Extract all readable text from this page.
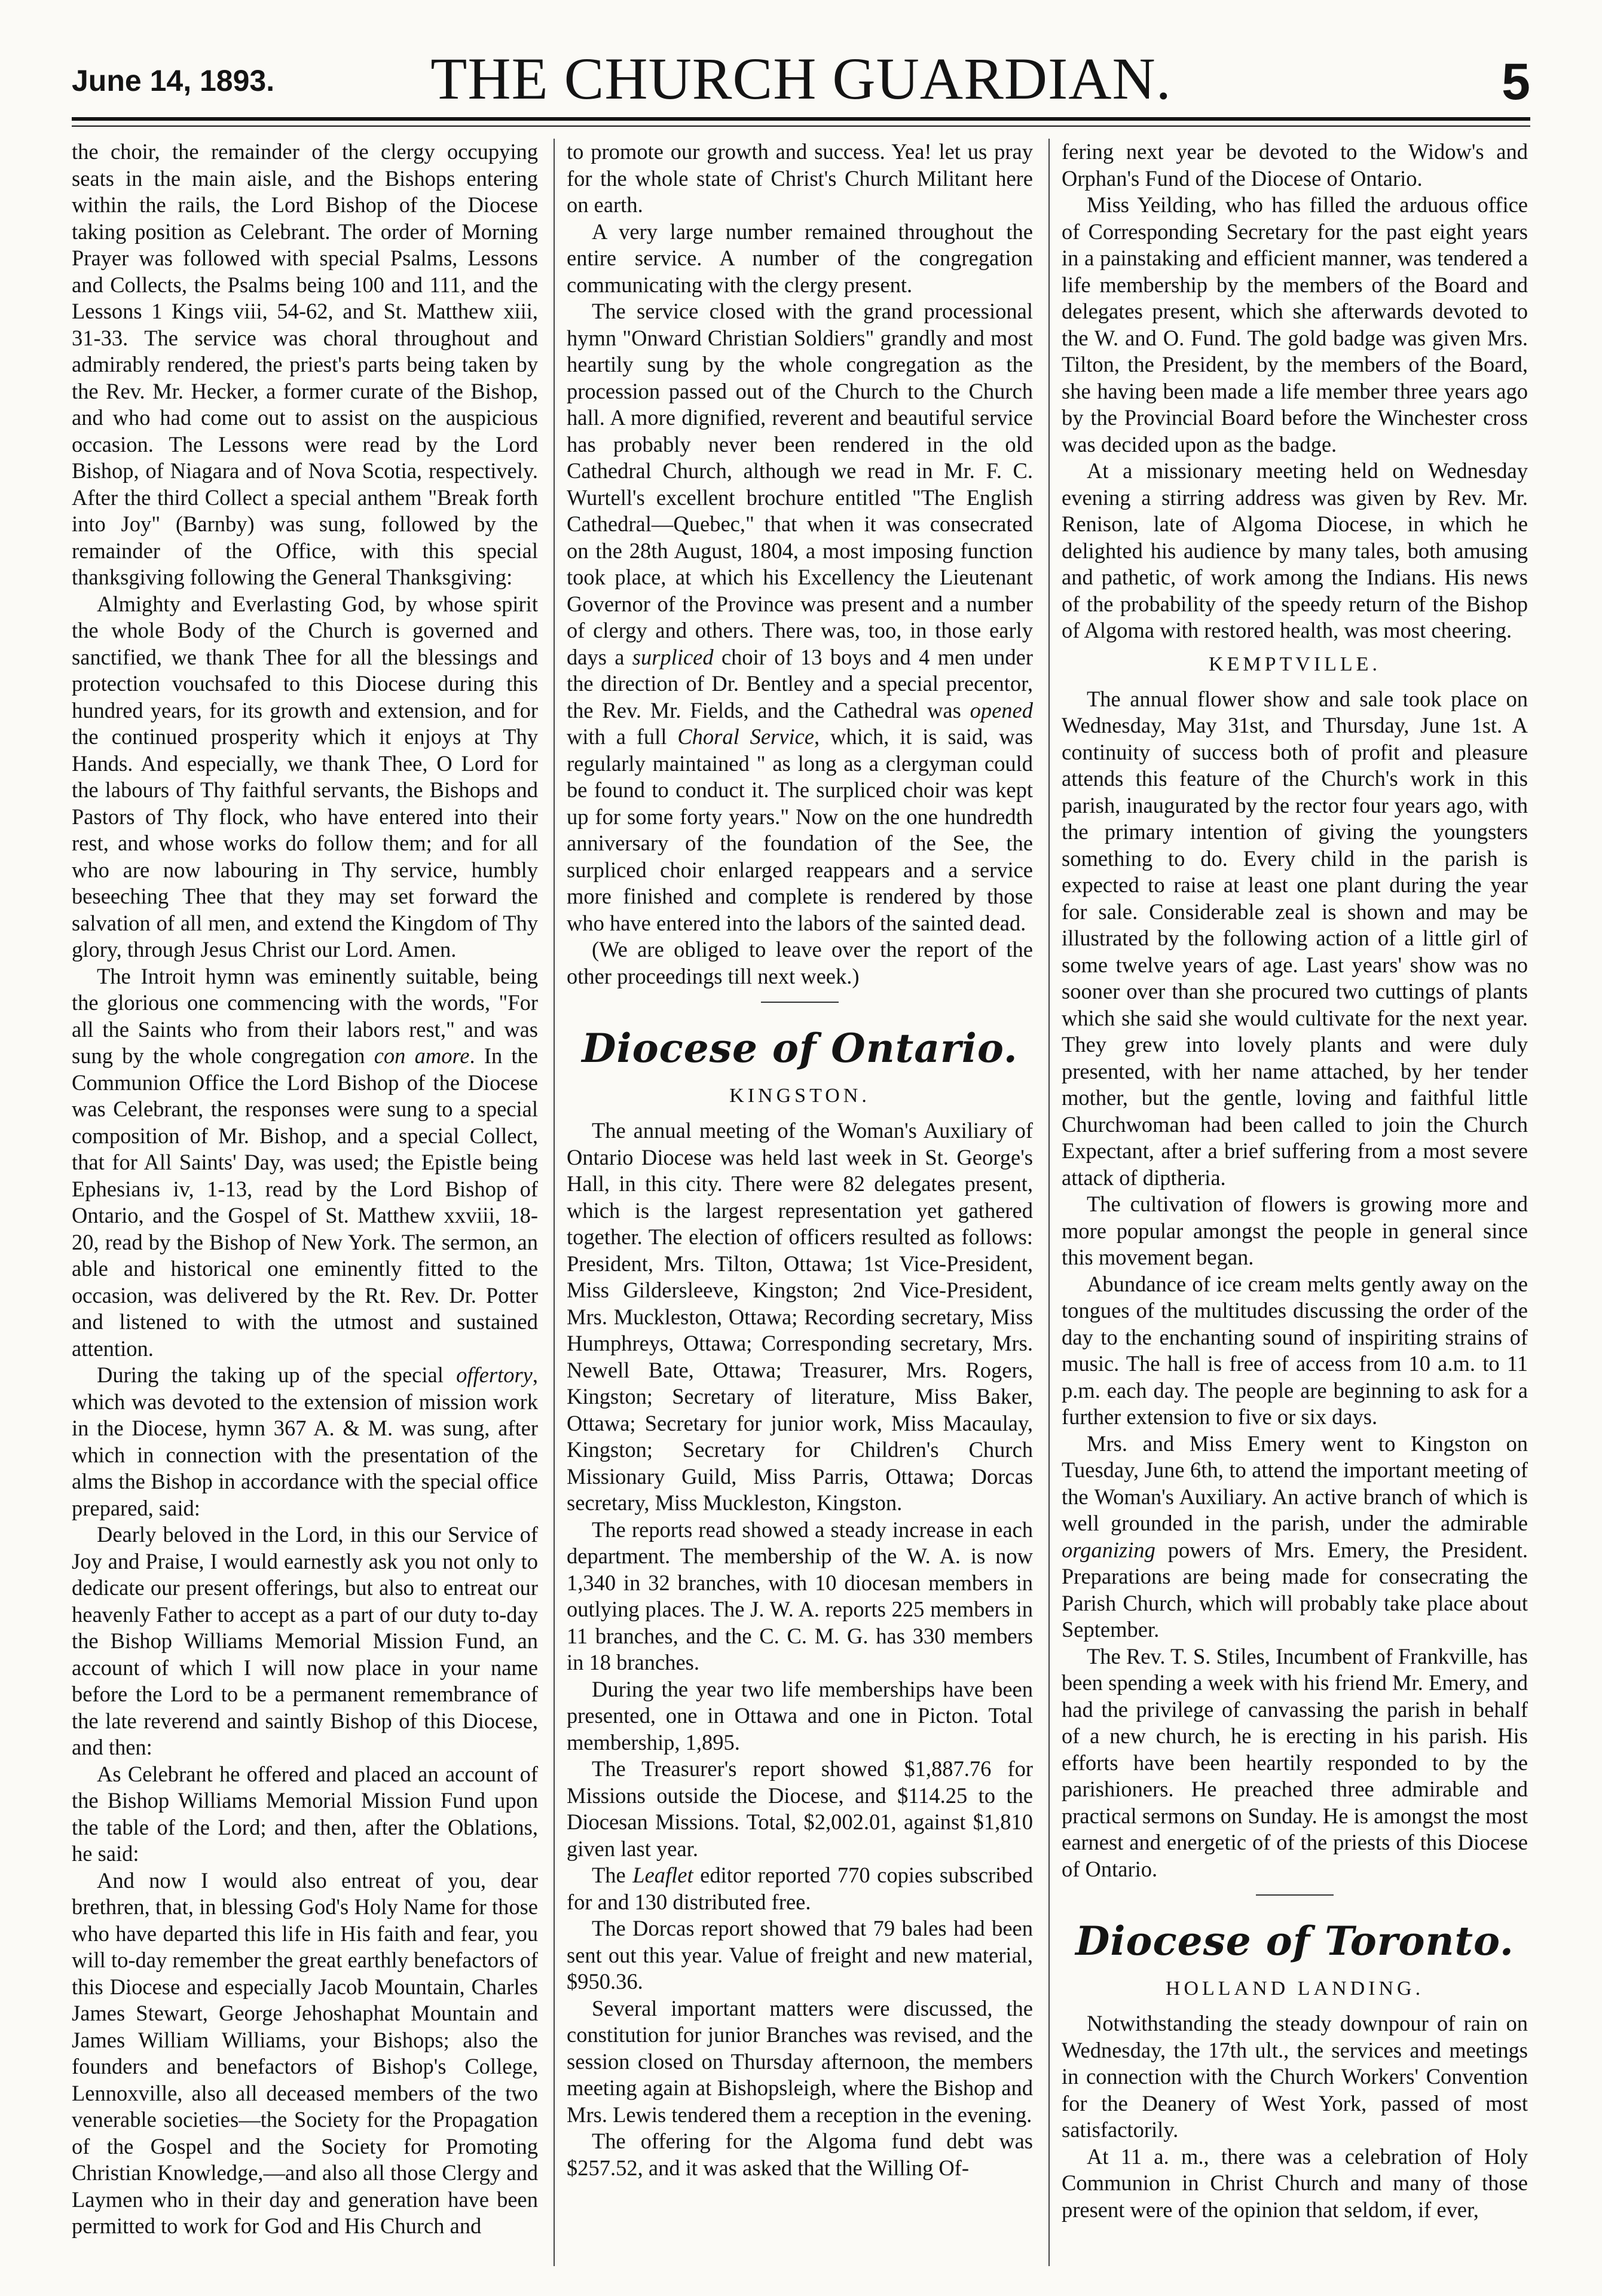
June 14, 1893.	THE CHURCH GUARDIAN.	5

the choir, the remainder of the clergy occupying seats in the main aisle, and the Bishops entering within the rails, the Lord Bishop of the Diocese taking position as Celebrant. The order of Morning Prayer was followed with special Psalms, Lessons and Collects, the Psalms being 100 and 111, and the Lessons 1 Kings viii, 54-62, and St. Matthew xiii, 31-33. The service was choral throughout and admirably rendered, the priest's parts being taken by the Rev. Mr. Hecker, a former curate of the Bishop, and who had come out to assist on the auspicious occasion. The Lessons were read by the Lord Bishop, of Niagara and of Nova Scotia, respectively. After the third Collect a special anthem "Break forth into Joy" (Barnby) was sung, followed by the remainder of the Office, with this special thanksgiving following the General Thanksgiving:

Almighty and Everlasting God, by whose spirit the whole Body of the Church is governed and sanctified, we thank Thee for all the blessings and protection vouchsafed to this Diocese during this hundred years, for its growth and extension, and for the continued prosperity which it enjoys at Thy Hands. And especially, we thank Thee, O Lord for the labours of Thy faithful servants, the Bishops and Pastors of Thy flock, who have entered into their rest, and whose works do follow them; and for all who are now labouring in Thy service, humbly beseeching Thee that they may set forward the salvation of all men, and extend the Kingdom of Thy glory, through Jesus Christ our Lord. Amen.

The Introit hymn was eminently suitable, being the glorious one commencing with the words, "For all the Saints who from their labors rest," and was sung by the whole congregation con amore. In the Communion Office the Lord Bishop of the Diocese was Celebrant, the responses were sung to a special composition of Mr. Bishop, and a special Collect, that for All Saints' Day, was used; the Epistle being Ephesians iv, 1-13, read by the Lord Bishop of Ontario, and the Gospel of St. Matthew xxviii, 18-20, read by the Bishop of New York. The sermon, an able and historical one eminently fitted to the occasion, was delivered by the Rt. Rev. Dr. Potter and listened to with the utmost and sustained attention.

During the taking up of the special offertory, which was devoted to the extension of mission work in the Diocese, hymn 367 A. & M. was sung, after which in connection with the presentation of the alms the Bishop in accordance with the special office prepared, said:

Dearly beloved in the Lord, in this our Service of Joy and Praise, I would earnestly ask you not only to dedicate our present offerings, but also to entreat our heavenly Father to accept as a part of our duty to-day the Bishop Williams Memorial Mission Fund, an account of which I will now place in your name before the Lord to be a permanent remembrance of the late reverend and saintly Bishop of this Diocese, and then:

As Celebrant he offered and placed an account of the Bishop Williams Memorial Mission Fund upon the table of the Lord; and then, after the Oblations, he said:

And now I would also entreat of you, dear brethren, that, in blessing God's Holy Name for those who have departed this life in His faith and fear, you will to-day remember the great earthly benefactors of this Diocese and especially Jacob Mountain, Charles James Stewart, George Jehoshaphat Mountain and James William Williams, your Bishops; also the founders and benefactors of Bishop's College, Lennoxville, also all deceased members of the two venerable societies—the Society for the Propagation of the Gospel and the Society for Promoting Christian Knowledge,—and also all those Clergy and Laymen who in their day and generation have been permitted to work for God and His Church and

to promote our growth and success. Yea! let us pray for the whole state of Christ's Church Militant here on earth.

A very large number remained throughout the entire service. A number of the congregation communicating with the clergy present.

The service closed with the grand processional hymn "Onward Christian Soldiers" grandly and most heartily sung by the whole congregation as the procession passed out of the Church to the Church hall. A more dignified, reverent and beautiful service has probably never been rendered in the old Cathedral Church, although we read in Mr. F. C. Wurtell's excellent brochure entitled "The English Cathedral—Quebec," that when it was consecrated on the 28th August, 1804, a most imposing function took place, at which his Excellency the Lieutenant Governor of the Province was present and a number of clergy and others. There was, too, in those early days a surpliced choir of 13 boys and 4 men under the direction of Dr. Bentley and a special precentor, the Rev. Mr. Fields, and the Cathedral was opened with a full Choral Service, which, it is said, was regularly maintained " as long as a clergyman could be found to conduct it. The surpliced choir was kept up for some forty years." Now on the one hundredth anniversary of the foundation of the See, the surpliced choir enlarged reappears and a service more finished and complete is rendered by those who have entered into the labors of the sainted dead.

(We are obliged to leave over the report of the other proceedings till next week.)

Diocese of Ontario.
KINGSTON.

The annual meeting of the Woman's Auxiliary of Ontario Diocese was held last week in St. George's Hall, in this city. There were 82 delegates present, which is the largest representation yet gathered together. The election of officers resulted as follows: President, Mrs. Tilton, Ottawa; 1st Vice-President, Miss Gildersleeve, Kingston; 2nd Vice-President, Mrs. Muckleston, Ottawa; Recording secretary, Miss Humphreys, Ottawa; Corresponding secretary, Mrs. Newell Bate, Ottawa; Treasurer, Mrs. Rogers, Kingston; Secretary of literature, Miss Baker, Ottawa; Secretary for junior work, Miss Macaulay, Kingston; Secretary for Children's Church Missionary Guild, Miss Parris, Ottawa; Dorcas secretary, Miss Muckleston, Kingston.

The reports read showed a steady increase in each department. The membership of the W. A. is now 1,340 in 32 branches, with 10 diocesan members in outlying places. The J. W. A. reports 225 members in 11 branches, and the C. C. M. G. has 330 members in 18 branches.

During the year two life memberships have been presented, one in Ottawa and one in Picton. Total membership, 1,895.

The Treasurer's report showed $1,887.76 for Missions outside the Diocese, and $114.25 to the Diocesan Missions. Total, $2,002.01, against $1,810 given last year.

The Leaflet editor reported 770 copies subscribed for and 130 distributed free.

The Dorcas report showed that 79 bales had been sent out this year. Value of freight and new material, $950.36.

Several important matters were discussed, the constitution for junior Branches was revised, and the session closed on Thursday afternoon, the members meeting again at Bishopsleigh, where the Bishop and Mrs. Lewis tendered them a reception in the evening.

The offering for the Algoma fund debt was $257.52, and it was asked that the Willing Of-

fering next year be devoted to the Widow's and Orphan's Fund of the Diocese of Ontario.

Miss Yeilding, who has filled the arduous office of Corresponding Secretary for the past eight years in a painstaking and efficient manner, was tendered a life membership by the members of the Board and delegates present, which she afterwards devoted to the W. and O. Fund. The gold badge was given Mrs. Tilton, the President, by the members of the Board, she having been made a life member three years ago by the Provincial Board before the Winchester cross was decided upon as the badge.

At a missionary meeting held on Wednesday evening a stirring address was given by Rev. Mr. Renison, late of Algoma Diocese, in which he delighted his audience by many tales, both amusing and pathetic, of work among the Indians. His news of the probability of the speedy return of the Bishop of Algoma with restored health, was most cheering.

KEMPTVILLE.

The annual flower show and sale took place on Wednesday, May 31st, and Thursday, June 1st. A continuity of success both of profit and pleasure attends this feature of the Church's work in this parish, inaugurated by the rector four years ago, with the primary intention of giving the youngsters something to do. Every child in the parish is expected to raise at least one plant during the year for sale. Considerable zeal is shown and may be illustrated by the following action of a little girl of some twelve years of age. Last years' show was no sooner over than she procured two cuttings of plants which she said she would cultivate for the next year. They grew into lovely plants and were duly presented, with her name attached, by her tender mother, but the gentle, loving and faithful little Churchwoman had been called to join the Church Expectant, after a brief suffering from a most severe attack of diptheria.

The cultivation of flowers is growing more and more popular amongst the people in general since this movement began.

Abundance of ice cream melts gently away on the tongues of the multitudes discussing the order of the day to the enchanting sound of inspiriting strains of music. The hall is free of access from 10 a.m. to 11 p.m. each day. The people are beginning to ask for a further extension to five or six days.

Mrs. and Miss Emery went to Kingston on Tuesday, June 6th, to attend the important meeting of the Woman's Auxiliary. An active branch of which is well grounded in the parish, under the admirable organizing powers of Mrs. Emery, the President. Preparations are being made for consecrating the Parish Church, which will probably take place about September.

The Rev. T. S. Stiles, Incumbent of Frankville, has been spending a week with his friend Mr. Emery, and had the privilege of canvassing the parish in behalf of a new church, he is erecting in his parish. His efforts have been heartily responded to by the parishioners. He preached three admirable and practical sermons on Sunday. He is amongst the most earnest and energetic of of the priests of this Diocese of Ontario.

Diocese of Toronto.
HOLLAND LANDING.

Notwithstanding the steady downpour of rain on Wednesday, the 17th ult., the services and meetings in connection with the Church Workers' Convention for the Deanery of West York, passed of most satisfactorily.

At 11 a. m., there was a celebration of Holy Communion in Christ Church and many of those present were of the opinion that seldom, if ever,
